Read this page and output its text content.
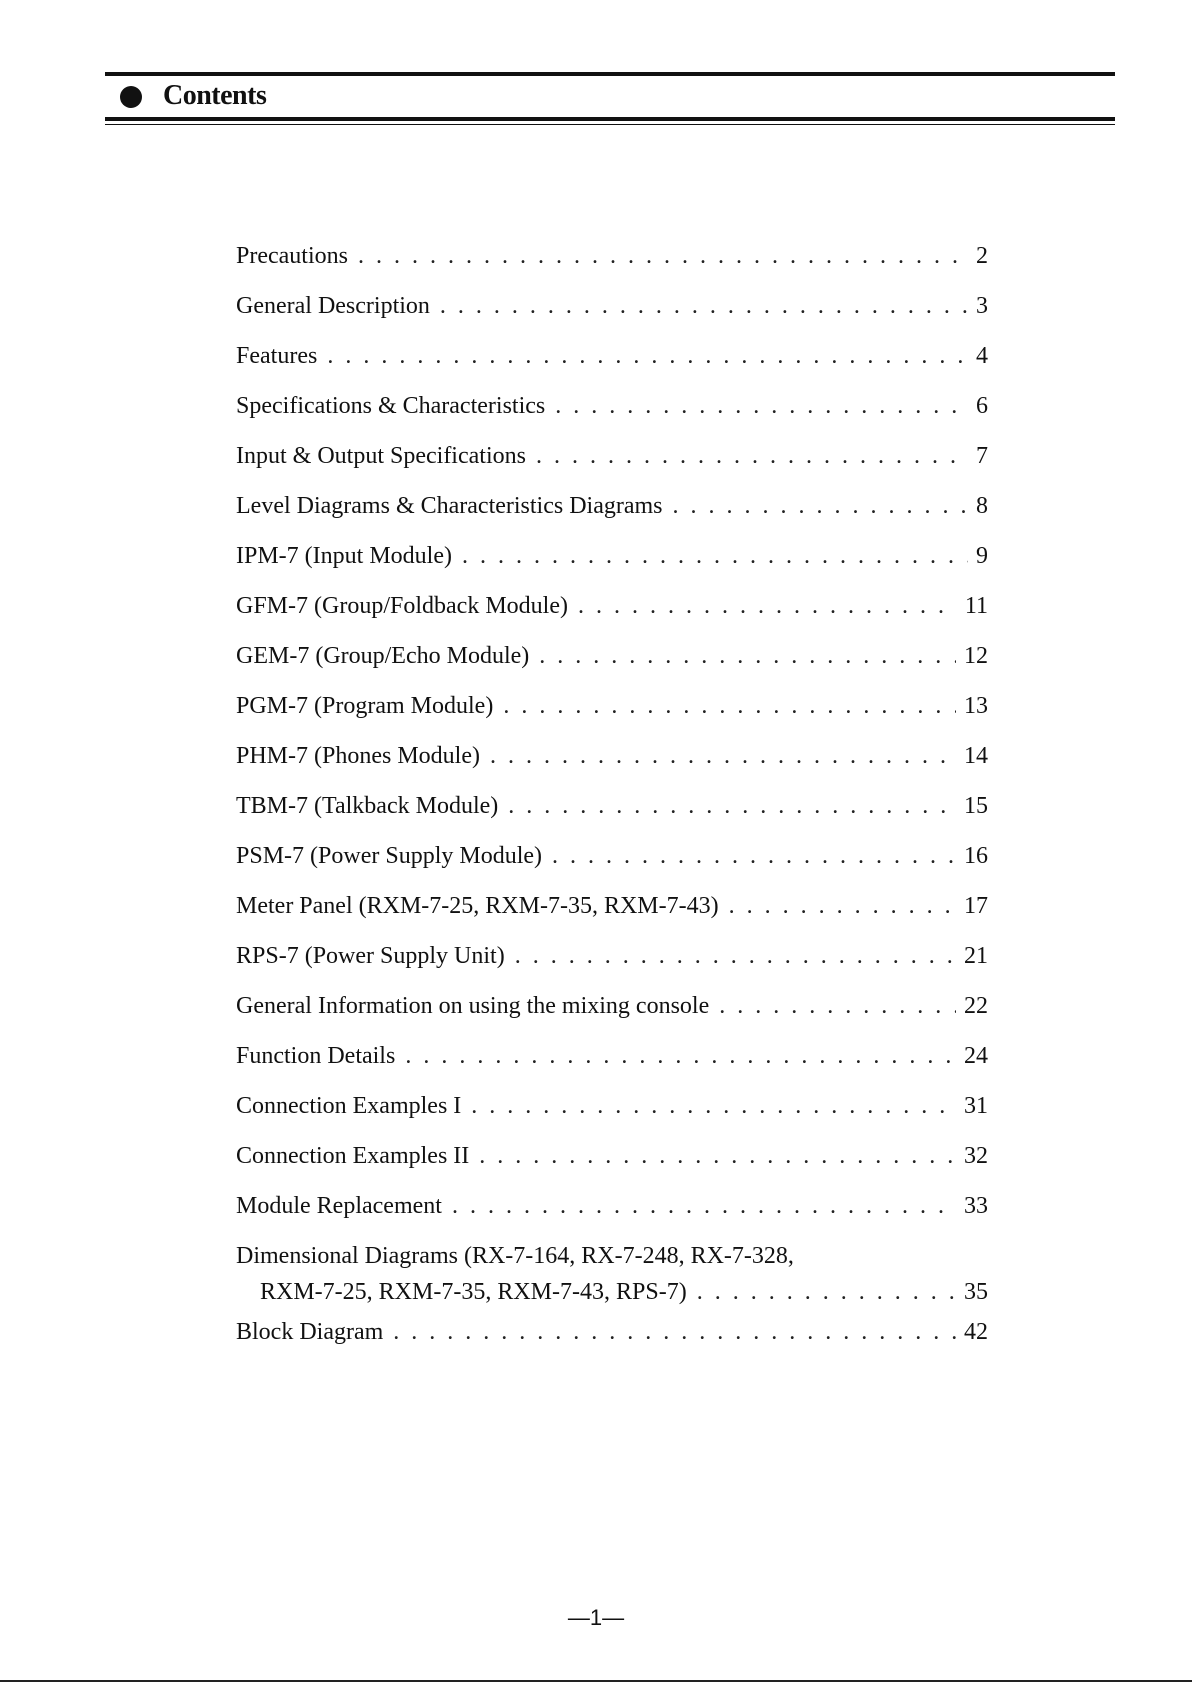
Contents
Precautions . . .	2
General Description . . .	3
Features . . .	4
Specifications & Characteristics . . .	6
Input & Output Specifications . . .	7
Level Diagrams & Characteristics Diagrams . . .	8
IPM-7 (Input Module) . . .	9
GFM-7 (Group/Foldback Module) . . .	11
GEM-7 (Group/Echo Module) . . .	12
PGM-7 (Program Module) . . .	13
PHM-7 (Phones Module) . . .	14
TBM-7 (Talkback Module) . . .	15
PSM-7 (Power Supply Module) . . .	16
Meter Panel (RXM-7-25, RXM-7-35, RXM-7-43) . . .	17
RPS-7 (Power Supply Unit) . . .	21
General Information on using the mixing console . . .	22
Function Details . . .	24
Connection Examples I . . .	31
Connection Examples II . . .	32
Module Replacement . . .	33
Dimensional Diagrams (RX-7-164, RX-7-248, RX-7-328,
RXM-7-25, RXM-7-35, RXM-7-43, RPS-7) . . .	35
Block Diagram . . .	42
—1—
